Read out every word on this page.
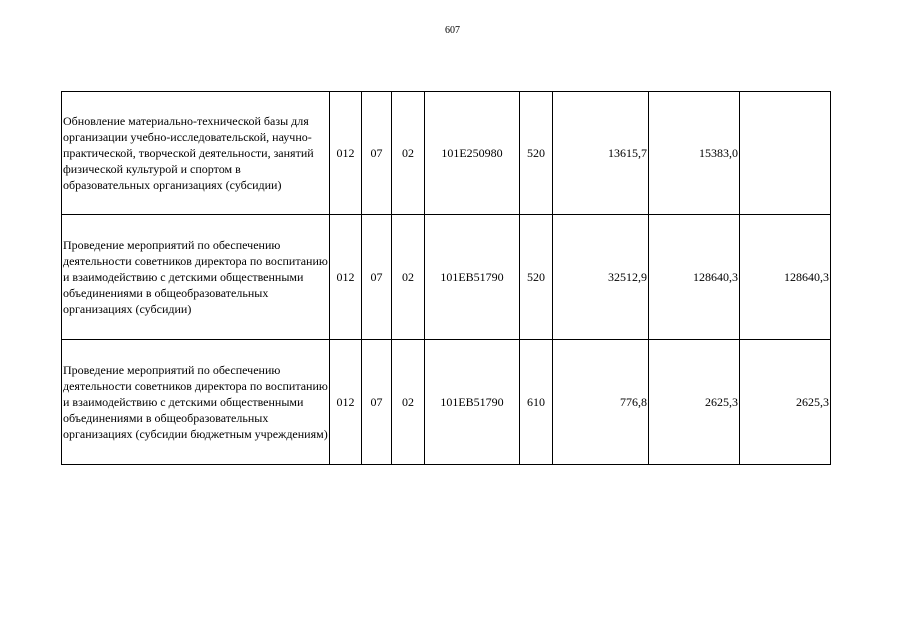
607
Обновление материально-технической базы для организации учебно-исследовательской, научно-практической, творческой деятельности, занятий физической культурой и спортом в образовательных организациях (субсидии)	012	07	02	101Е250980	520	13615,7	15383,0	
Проведение мероприятий по обеспечению деятельности советников директора по воспитанию и взаимодействию с детскими общественными объединениями в общеобразовательных организациях (субсидии)	012	07	02	101ЕВ51790	520	32512,9	128640,3	128640,3
Проведение мероприятий по обеспечению деятельности советников директора по воспитанию и взаимодействию с детскими общественными объединениями в общеобразовательных организациях (субсидии бюджетным учреждениям)	012	07	02	101ЕВ51790	610	776,8	2625,3	2625,3
